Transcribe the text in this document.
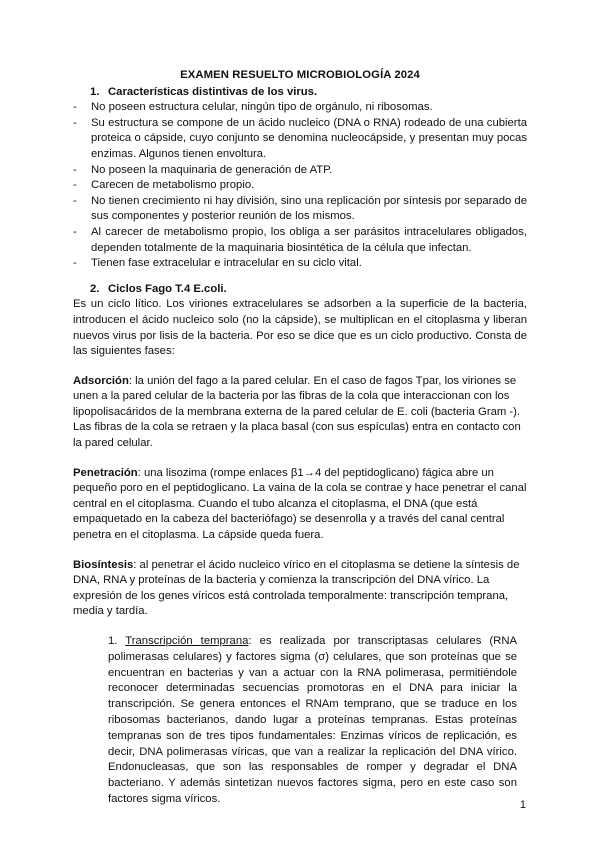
EXAMEN RESUELTO MICROBIOLOGÍA 2024
1. Características distintivas de los virus.
- No poseen estructura celular, ningún tipo de orgánulo, ni ribosomas.
- Su estructura se compone de un ácido nucleico (DNA o RNA) rodeado de una cubierta proteica o cápside, cuyo conjunto se denomina nucleocápside, y presentan muy pocas enzimas. Algunos tienen envoltura.
- No poseen la maquinaria de generación de ATP.
- Carecen de metabolismo propio.
- No tienen crecimiento ni hay división, sino una replicación por síntesis por separado de sus componentes y posterior reunión de los mismos.
- Al carecer de metabolismo propio, los obliga a ser parásitos intracelulares obligados, dependen totalmente de la maquinaria biosintética de la célula que infectan.
- Tienen fase extracelular e intracelular en su ciclo vital.
2. Ciclos Fago T.4 E.coli.

Es un ciclo lítico. Los viriones extracelulares se adsorben a la superficie de la bacteria, introducen el ácido nucleico solo (no la cápside), se multiplican en el citoplasma y liberan nuevos virus por lisis de la bacteria. Por eso se dice que es un ciclo productivo. Consta de las siguientes fases:

Adsorción: la unión del fago a la pared celular. En el caso de fagos Tpar, los viriones se unen a la pared celular de la bacteria por las fibras de la cola que interaccionan con los lipopolisacáridos de la membrana externa de la pared celular de E. coli (bacteria Gram -). Las fibras de la cola se retraen y la placa basal (con sus espículas) entra en contacto con la pared celular.

Penetración: una lisozima (rompe enlaces β1→4 del peptidoglicano) fágica abre un pequeño poro en el peptidoglicano. La vaina de la cola se contrae y hace penetrar el canal central en el citoplasma. Cuando el tubo alcanza el citoplasma, el DNA (que está empaquetado en la cabeza del bacteriófago) se desenrolla y a través del canal central penetra en el citoplasma. La cápside queda fuera.

Biosíntesis: al penetrar el ácido nucleico vírico en el citoplasma se detiene la síntesis de DNA, RNA y proteínas de la bacteria y comienza la transcripción del DNA vírico. La expresión de los genes víricos está controlada temporalmente: transcripción temprana, media y tardía.

1. Transcripción temprana: es realizada por transcriptasas celulares (RNA polimerasas celulares) y factores sigma (σ) celulares, que son proteínas que se encuentran en bacterias y van a actuar con la RNA polimerasa, permitiéndole reconocer determinadas secuencias promotoras en el DNA para iniciar la transcripción. Se genera entonces el RNAm temprano, que se traduce en los ribosomas bacterianos, dando lugar a proteínas tempranas. Estas proteínas tempranas son de tres tipos fundamentales: Enzimas víricos de replicación, es decir, DNA polimerasas víricas, que van a realizar la replicación del DNA vírico. Endonucleasas, que son las responsables de romper y degradar el DNA bacteriano. Y además sintetizan nuevos factores sigma, pero en este caso son factores sigma víricos.

1
